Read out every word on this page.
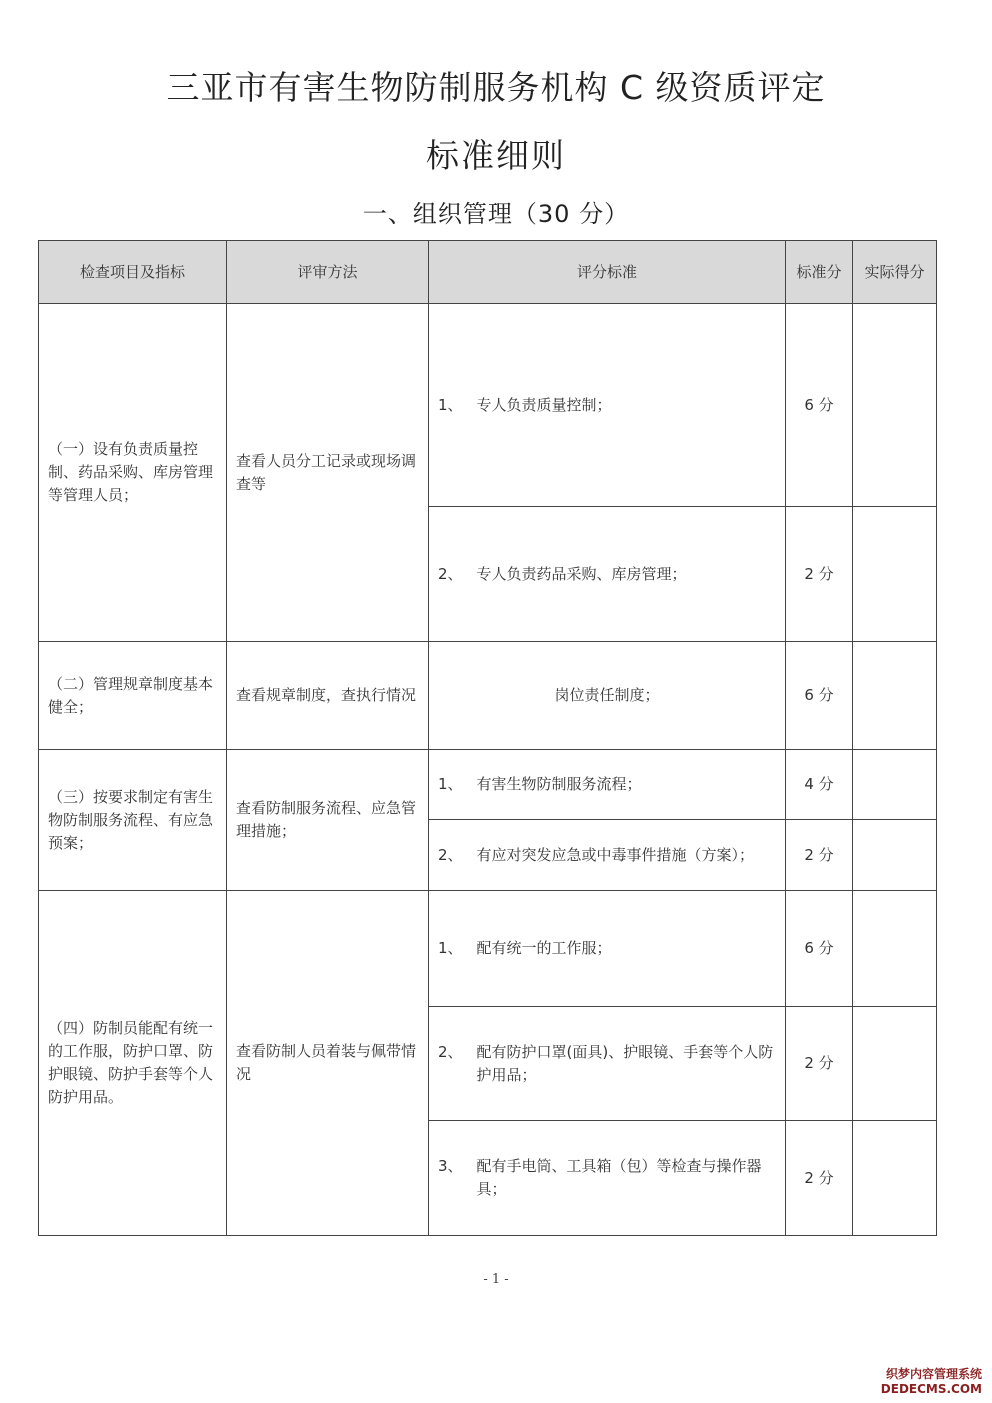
三亚市有害生物防制服务机构 C 级资质评定
标准细则
一、组织管理（30 分）
检查项目及指标	评审方法	评分标准	标准分	实际得分
（一）设有负责质量控制、药品采购、库房管理等管理人员；	查看人员分工记录或现场调查等	1、 专人负责质量控制；	6 分	

		2、 专人负责药品采购、库房管理；	2 分	
（二）管理规章制度基本健全；	查看规章制度，查执行情况	岗位责任制度；	6 分	
（三）按要求制定有害生物防制服务流程、有应急预案；	查看防制服务流程、应急管理措施；	1、 有害生物防制服务流程；	4 分	

		2、 有应对突发应急或中毒事件措施（方案）；	2 分	
（四）防制员能配有统一的工作服，防护口罩、防护眼镜、防护手套等个人防护用品。	查看防制人员着装与佩带情况	1、 配有统一的工作服；	6 分	

		2、 配有防护口罩(面具)、护眼镜、手套等个人防护用品；	2 分	

		3、 配有手电筒、工具箱（包）等检查与操作器具；	2 分	
- 1 -
织梦内容管理系统
DEDECMS.COM
